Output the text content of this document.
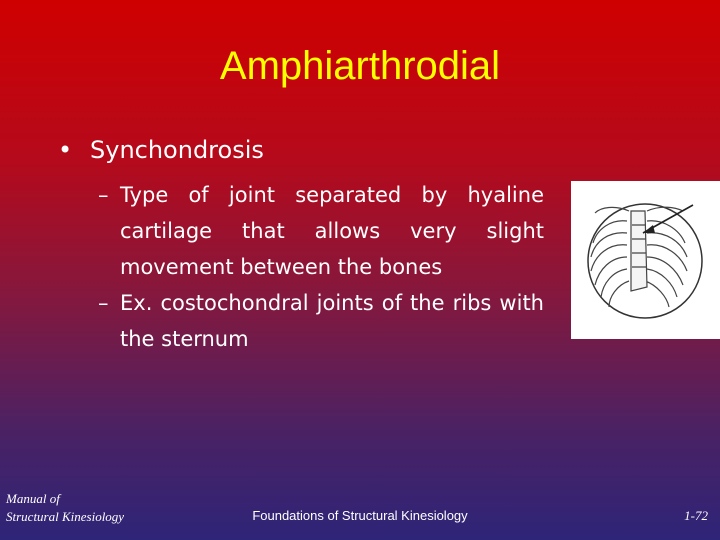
Amphiarthrodial
• Synchondrosis
– Type of joint separated by hyaline cartilage that allows very slight movement between the bones
– Ex. costochondral joints of the ribs with the sternum
Manual of
Structural Kinesiology	Foundations of Structural Kinesiology	1-72
